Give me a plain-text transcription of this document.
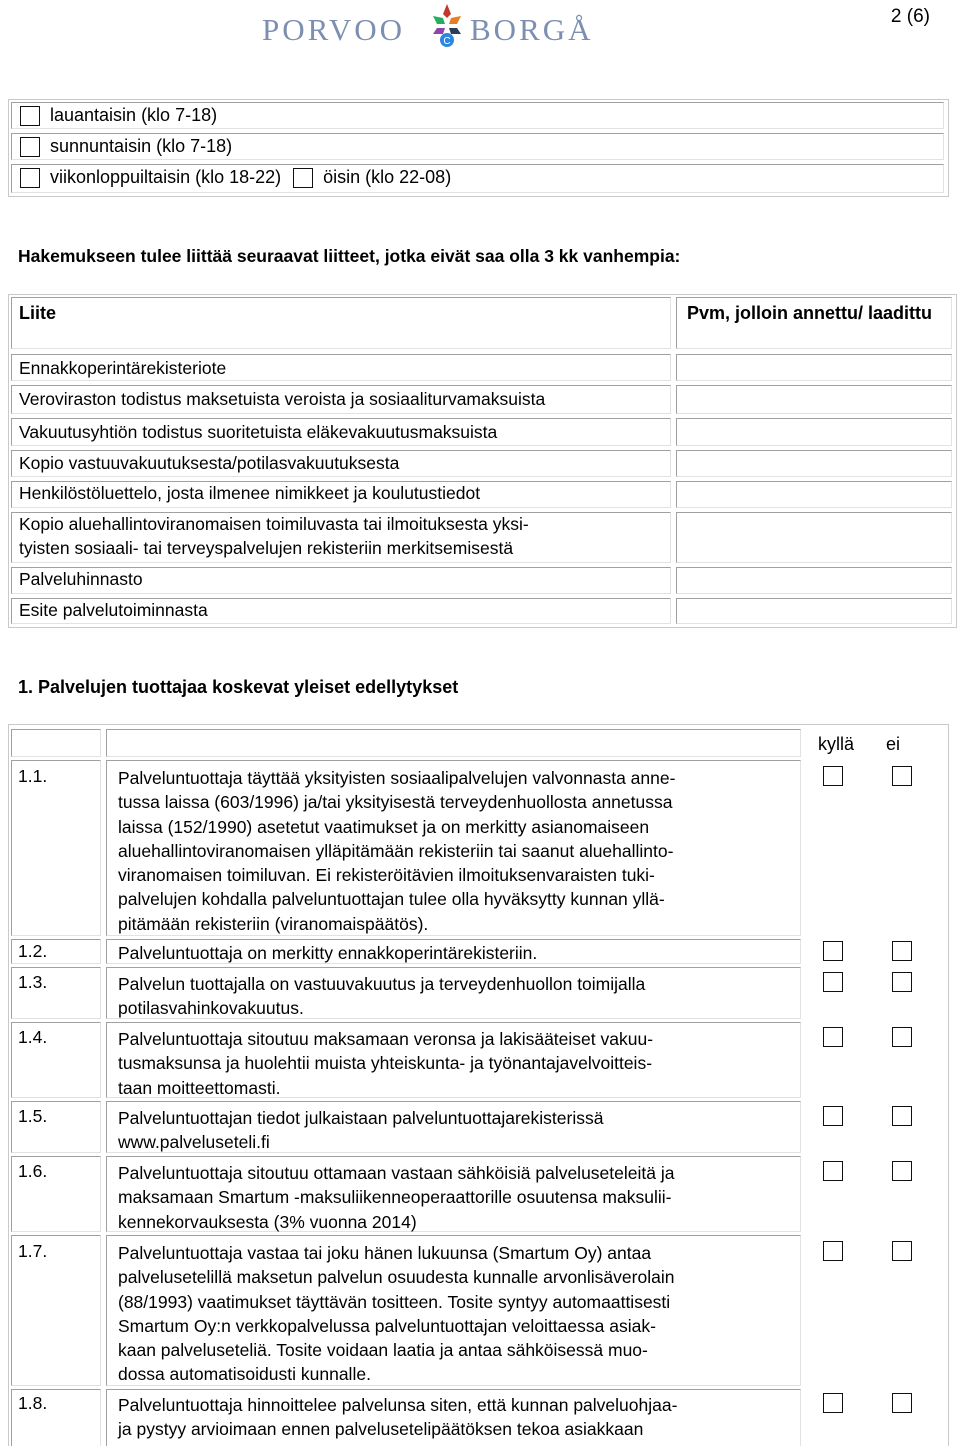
2 (6)
PORVOO	C BORGÅ
lauantaisin (klo 7-18)
sunnuntaisin (klo 7-18)
viikonloppuiltaisin (klo 18-22) öisin (klo 22-08)
Hakemukseen tulee liittää seuraavat liitteet, jotka eivät saa olla 3 kk vanhempia:
Liite	Pvm, jolloin annettu/ laadittu
Ennakkoperintärekisteriote
Veroviraston todistus maksetuista veroista ja sosiaaliturvamaksuista
Vakuutusyhtiön todistus suoritetuista eläkevakuutusmaksuista
Kopio vastuuvakuutuksesta/potilasvakuutuksesta
Henkilöstöluettelo, josta ilmenee nimikkeet ja koulutustiedot
Kopio aluehallintoviranomaisen toimiluvasta tai ilmoituksesta yksi-
tyisten sosiaali- tai terveyspalvelujen rekisteriin merkitsemisestä
Palveluhinnasto
Esite palvelutoiminnasta
1. Palvelujen tuottajaa koskevat yleiset edellytykset
kyllä ei
1.1.	Palveluntuottaja täyttää yksityisten sosiaalipalvelujen valvonnasta anne-
tussa laissa (603/1996) ja/tai yksityisestä terveydenhuollosta annetussa
laissa (152/1990) asetetut vaatimukset ja on merkitty asianomaiseen
aluehallintoviranomaisen ylläpitämään rekisteriin tai saanut aluehallinto-
viranomaisen toimiluvan. Ei rekisteröitävien ilmoituksenvaraisten tuki-
palvelujen kohdalla palveluntuottajan tulee olla hyväksytty kunnan yllä-
pitämään rekisteriin (viranomaispäätös).
1.2.	Palveluntuottaja on merkitty ennakkoperintärekisteriin.
1.3.	Palvelun tuottajalla on vastuuvakuutus ja terveydenhuollon toimijalla
potilasvahinkovakuutus.
1.4.	Palveluntuottaja sitoutuu maksamaan veronsa ja lakisääteiset vakuu-
tusmaksunsa ja huolehtii muista yhteiskunta- ja työnantajavelvoitteis-
taan moitteettomasti.
1.5.	Palveluntuottajan tiedot julkaistaan palveluntuottajarekisterissä
www.palveluseteli.fi
1.6.	Palveluntuottaja sitoutuu ottamaan vastaan sähköisiä palveluseteleitä ja
maksamaan Smartum -maksuliikenneoperaattorille osuutensa maksulii-
kennekorvauksesta (3% vuonna 2014)
1.7.	Palveluntuottaja vastaa tai joku hänen lukuunsa (Smartum Oy) antaa
palvelusetelillä maksetun palvelun osuudesta kunnalle arvonlisäverolain
(88/1993) vaatimukset täyttävän tositteen. Tosite syntyy automaattisesti
Smartum Oy:n verkkopalvelussa palveluntuottajan veloittaessa asiak-
kaan palveluseteliä. Tosite voidaan laatia ja antaa sähköisessä muo-
dossa automatisoidusti kunnalle.
1.8.	Palveluntuottaja hinnoittelee palvelunsa siten, että kunnan palveluohjaa-
ja pystyy arvioimaan ennen palvelusetelipäätöksen tekoa asiakkaan
